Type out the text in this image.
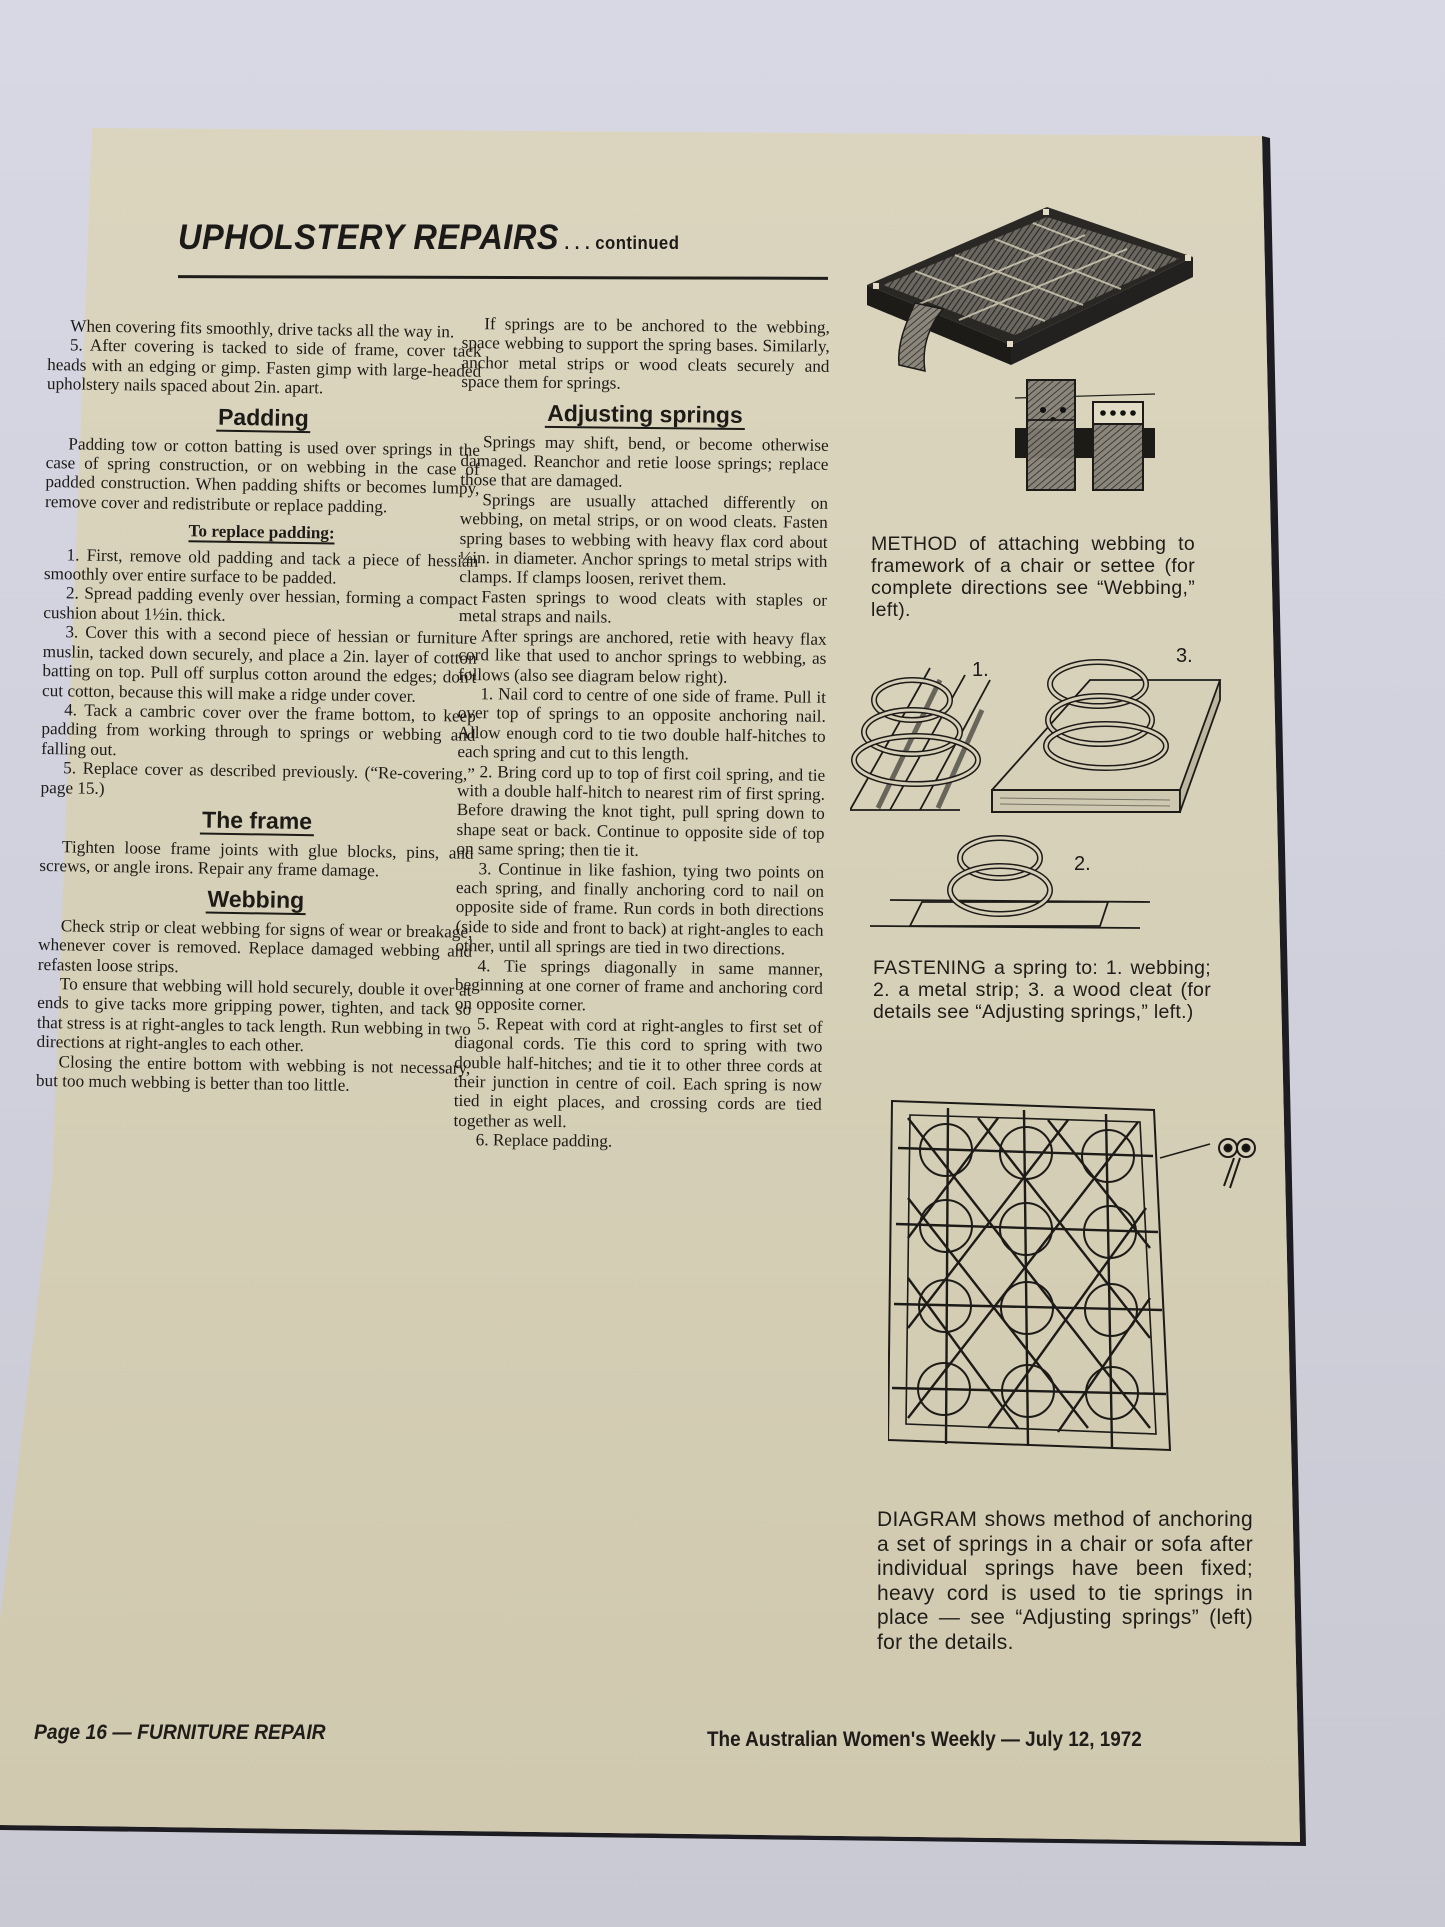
UPHOLSTERY REPAIRS . . . continued

When covering fits smoothly, drive tacks all the way in.

5. After covering is tacked to side of frame, cover tack heads with an edging or gimp. Fasten gimp with large-headed upholstery nails spaced about 2in. apart.

Padding

Padding tow or cotton batting is used over springs in the case of spring construction, or on webbing in the case of padded construction. When padding shifts or becomes lumpy, remove cover and redistribute or replace padding.

To replace padding:

1. First, remove old padding and tack a piece of hessian smoothly over entire surface to be padded.

2. Spread padding evenly over hessian, forming a compact cushion about 1½in. thick.

3. Cover this with a second piece of hessian or furniture muslin, tacked down securely, and place a 2in. layer of cotton batting on top. Pull off surplus cotton around the edges; don't cut cotton, because this will make a ridge under cover.

4. Tack a cambric cover over the frame bottom, to keep padding from working through to springs or webbing and falling out.

5. Replace cover as described previously. (“Re-covering,” page 15.)

The frame

Tighten loose frame joints with glue blocks, pins, and screws, or angle irons. Repair any frame damage.

Webbing

Check strip or cleat webbing for signs of wear or breakage, whenever cover is removed. Replace damaged webbing and refasten loose strips.

To ensure that webbing will hold securely, double it over at ends to give tacks more gripping power, tighten, and tack so that stress is at right-angles to tack length. Run webbing in two directions at right-angles to each other.

Closing the entire bottom with webbing is not necessary, but too much webbing is better than too little.

If springs are to be anchored to the webbing, space webbing to support the spring bases. Similarly, anchor metal strips or wood cleats securely and space them for springs.

Adjusting springs

Springs may shift, bend, or become otherwise damaged. Reanchor and retie loose springs; replace those that are damaged.

Springs are usually attached differently on webbing, on metal strips, or on wood cleats. Fasten spring bases to webbing with heavy flax cord about ⅛in. in diameter. Anchor springs to metal strips with clamps. If clamps loosen, rerivet them.

Fasten springs to wood cleats with staples or metal straps and nails.

After springs are anchored, retie with heavy flax cord like that used to anchor springs to webbing, as follows (also see diagram below right).

1. Nail cord to centre of one side of frame. Pull it over top of springs to an opposite anchoring nail. Allow enough cord to tie two double half-hitches to each spring and cut to this length.

2. Bring cord up to top of first coil spring, and tie with a double half-hitch to nearest rim of first spring. Before drawing the knot tight, pull spring down to shape seat or back. Continue to opposite side of top on same spring; then tie it.

3. Continue in like fashion, tying two points on each spring, and finally anchoring cord to nail on opposite side of frame. Run cords in both directions (side to side and front to back) at right-angles to each other, until all springs are tied in two directions.

4. Tie springs diagonally in same manner, beginning at one corner of frame and anchoring cord on opposite corner.

5. Repeat with cord at right-angles to first set of diagonal cords. Tie this cord to spring with two double half-hitches; and tie it to other three cords at their junction in centre of coil. Each spring is now tied in eight places, and crossing cords are tied together as well.

6. Replace padding.

METHOD of attaching webbing to framework of a chair or settee (for complete directions see “Webbing,” left).
1.
3.
2.
FASTENING a spring to: 1. webbing; 2. a metal strip; 3. a wood cleat (for details see “Adjusting springs,” left.)
DIAGRAM shows method of anchoring a set of springs in a chair or sofa after individual springs have been fixed; heavy cord is used to tie springs in place — see “Adjusting springs” (left) for the details.
Page 16 — FURNITURE REPAIR	The Australian Women's Weekly — July 12, 1972
